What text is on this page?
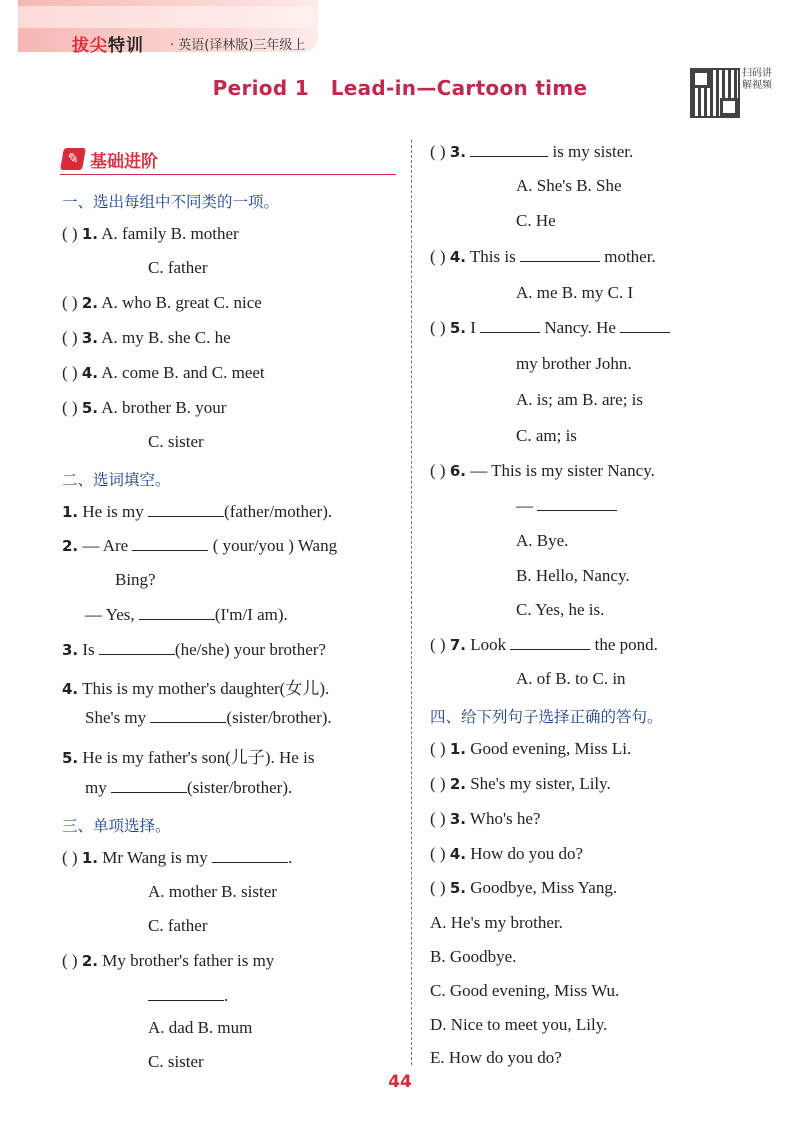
拔尖特训 · 英语(译林版)三年级上
Period 1   Lead-in—Cartoon time
扫码讲解视频
✎ 基础进阶
一、选出每组中不同类的一项。
( ) 1. A. family B. mother
C. father
( ) 2. A. who B. great C. nice
( ) 3. A. my B. she C. he
( ) 4. A. come B. and C. meet
( ) 5. A. brother B. your
C. sister
二、选词填空。
1. He is my	(father/mother).
2. — Are	( your/you ) Wang
Bing?
— Yes,	(I'm/I am).
3. Is	(he/she) your brother?
4. This is my mother's daughter(女儿).
She's my	(sister/brother).
5. He is my father's son(儿子). He is
my	(sister/brother).
三、单项选择。
( ) 1. Mr Wang is my	.
A. mother B. sister
C. father
( ) 2. My brother's father is my
.
A. dad B. mum
C. sister
( ) 3.	is my sister.
A. She's B. She
C. He
( ) 4. This is	mother.
A. me B. my C. I
( ) 5. I	Nancy. He
my brother John.
A. is; am B. are; is
C. am; is
( ) 6. — This is my sister Nancy.
—
A. Bye.
B. Hello, Nancy.
C. Yes, he is.
( ) 7. Look	the pond.
A. of B. to C. in
四、给下列句子选择正确的答句。
( ) 1. Good evening, Miss Li.
( ) 2. She's my sister, Lily.
( ) 3. Who's he?
( ) 4. How do you do?
( ) 5. Goodbye, Miss Yang.
A. He's my brother.
B. Goodbye.
C. Good evening, Miss Wu.
D. Nice to meet you, Lily.
E. How do you do?
44
